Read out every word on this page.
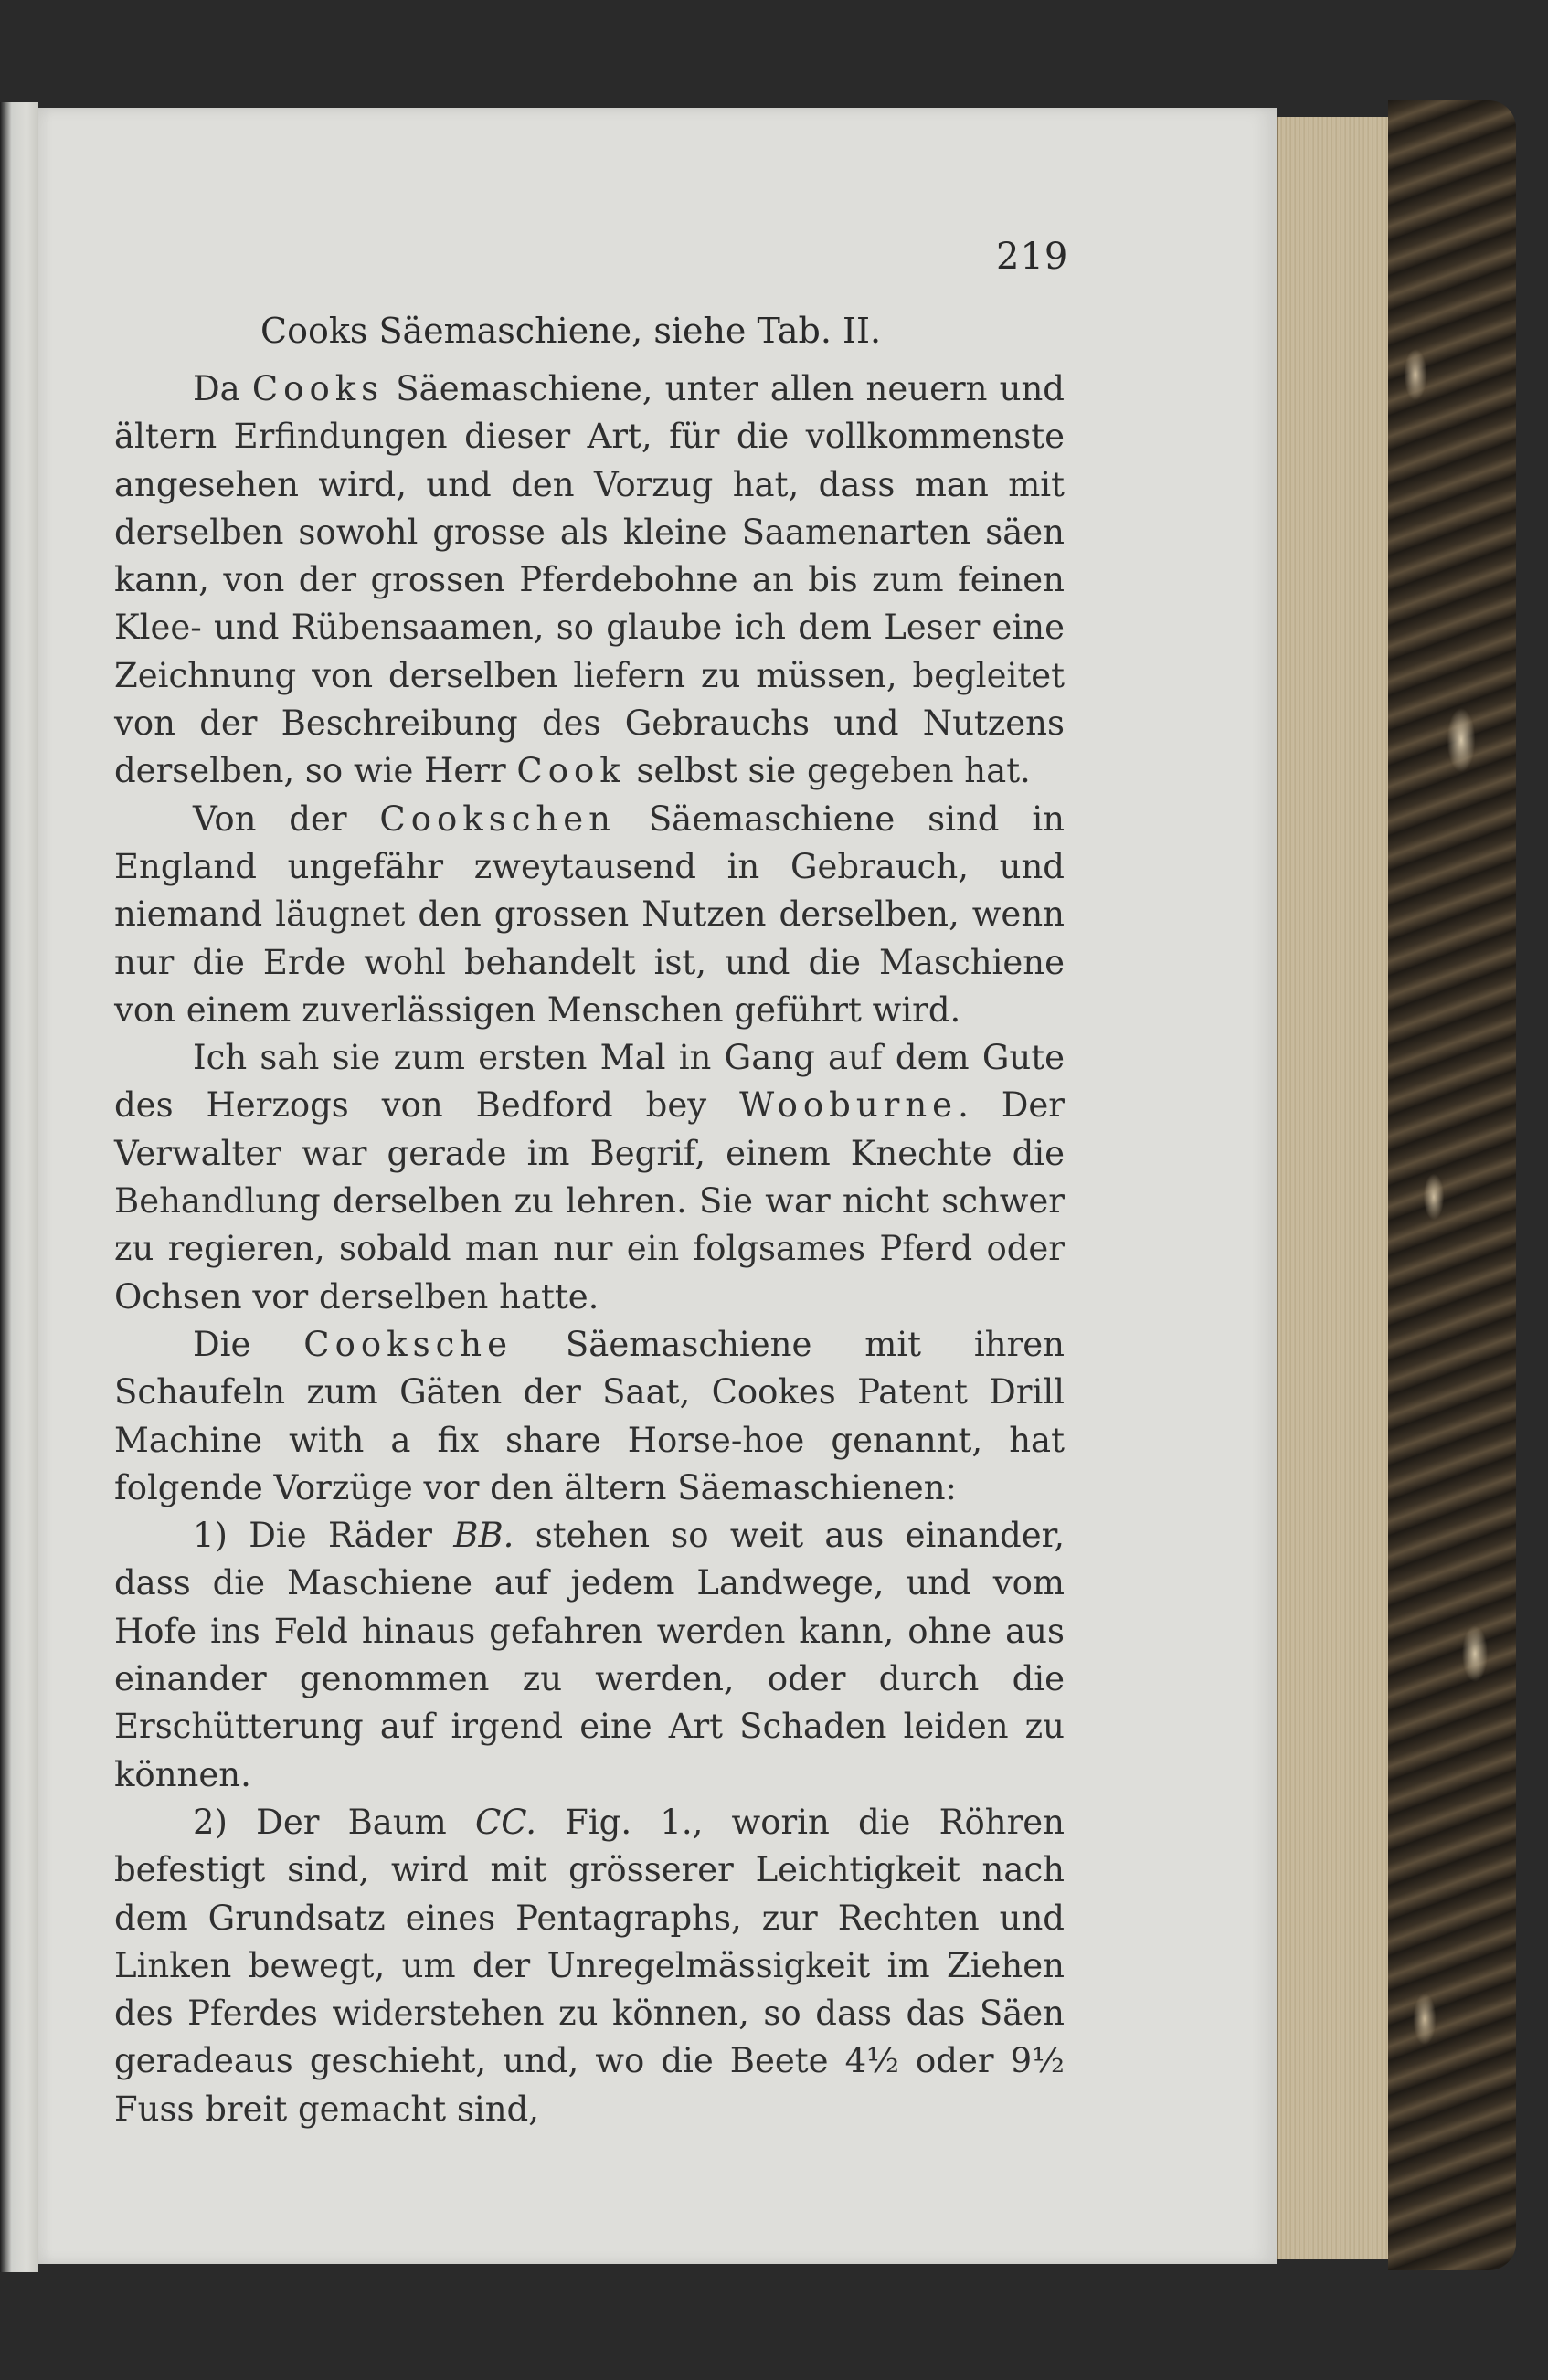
219
Cooks Säemaschiene, siehe Tab. II.

Da Cooks Säemaschiene, unter allen neuern und ältern Erfindungen dieser Art, für die vollkommenste angesehen wird, und den Vorzug hat, dass man mit derselben sowohl grosse als kleine Saamenarten säen kann, von der grossen Pferdebohne an bis zum feinen Klee- und Rübensaamen, so glaube ich dem Leser eine Zeichnung von derselben liefern zu müssen, begleitet von der Beschreibung des Gebrauchs und Nutzens derselben, so wie Herr Cook selbst sie gegeben hat.

Von der Cookschen Säemaschiene sind in England ungefähr zweytausend in Gebrauch, und niemand läugnet den grossen Nutzen derselben, wenn nur die Erde wohl behandelt ist, und die Maschiene von einem zuverlässigen Menschen geführt wird.

Ich sah sie zum ersten Mal in Gang auf dem Gute des Herzogs von Bedford bey Wooburne. Der Verwalter war gerade im Begrif, einem Knechte die Behandlung derselben zu lehren. Sie war nicht schwer zu regieren, sobald man nur ein folgsames Pferd oder Ochsen vor derselben hatte.

Die Cooksche Säemaschiene mit ihren Schaufeln zum Gäten der Saat, Cookes Patent Drill Machine with a fix share Horse-hoe genannt, hat folgende Vorzüge vor den ältern Säemaschienen:

1) Die Räder BB. stehen so weit aus einander, dass die Maschiene auf jedem Landwege, und vom Hofe ins Feld hinaus gefahren werden kann, ohne aus einander genommen zu werden, oder durch die Erschütterung auf irgend eine Art Schaden leiden zu können.

2) Der Baum CC. Fig. 1., worin die Röhren befestigt sind, wird mit grösserer Leichtigkeit nach dem Grundsatz eines Pentagraphs, zur Rechten und Linken bewegt, um der Unregelmässigkeit im Ziehen des Pferdes widerstehen zu können, so dass das Säen geradeaus geschieht, und, wo die Beete 4½ oder 9½ Fuss breit gemacht sind,
